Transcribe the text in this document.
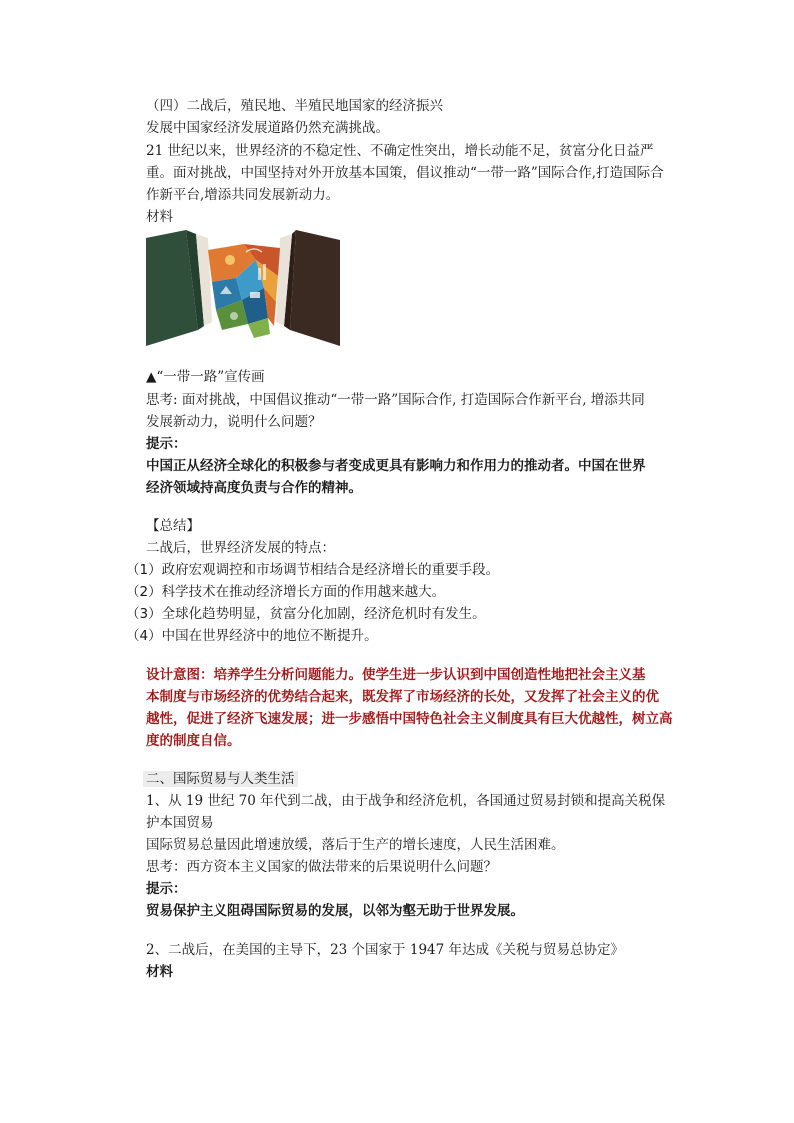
（四）二战后，殖民地、半殖民地国家的经济振兴
发展中国家经济发展道路仍然充满挑战。
21 世纪以来，世界经济的不稳定性、不确定性突出，增长动能不足，贫富分化日益严
重。面对挑战，中国坚持对外开放基本国策，倡议推动“一带一路”国际合作,打造国际合
作新平台,增添共同发展新动力。
材料
▲“一带一路”宣传画
思考: 面对挑战，中国倡议推动“一带一路”国际合作, 打造国际合作新平台, 增添共同
发展新动力，说明什么问题？
提示：
中国正从经济全球化的积极参与者变成更具有影响力和作用力的推动者。中国在世界
经济领域持高度负责与合作的精神。
【总结】
二战后，世界经济发展的特点：
（1）政府宏观调控和市场调节相结合是经济增长的重要手段。
（2）科学技术在推动经济增长方面的作用越来越大。
（3）全球化趋势明显，贫富分化加剧，经济危机时有发生。
（4）中国在世界经济中的地位不断提升。
设计意图：培养学生分析问题能力。使学生进一步认识到中国创造性地把社会主义基
本制度与市场经济的优势结合起来，既发挥了市场经济的长处，又发挥了社会主义的优
越性，促进了经济飞速发展；进一步感悟中国特色社会主义制度具有巨大优越性，树立高
度的制度自信。
二、国际贸易与人类生活
1、从 19 世纪 70 年代到二战，由于战争和经济危机，各国通过贸易封锁和提高关税保
护本国贸易
国际贸易总量因此增速放缓，落后于生产的增长速度，人民生活困难。
思考：西方资本主义国家的做法带来的后果说明什么问题？
提示：
贸易保护主义阻碍国际贸易的发展，以邻为壑无助于世界发展。
2、二战后，在美国的主导下，23 个国家于 1947 年达成《关税与贸易总协定》
材料
